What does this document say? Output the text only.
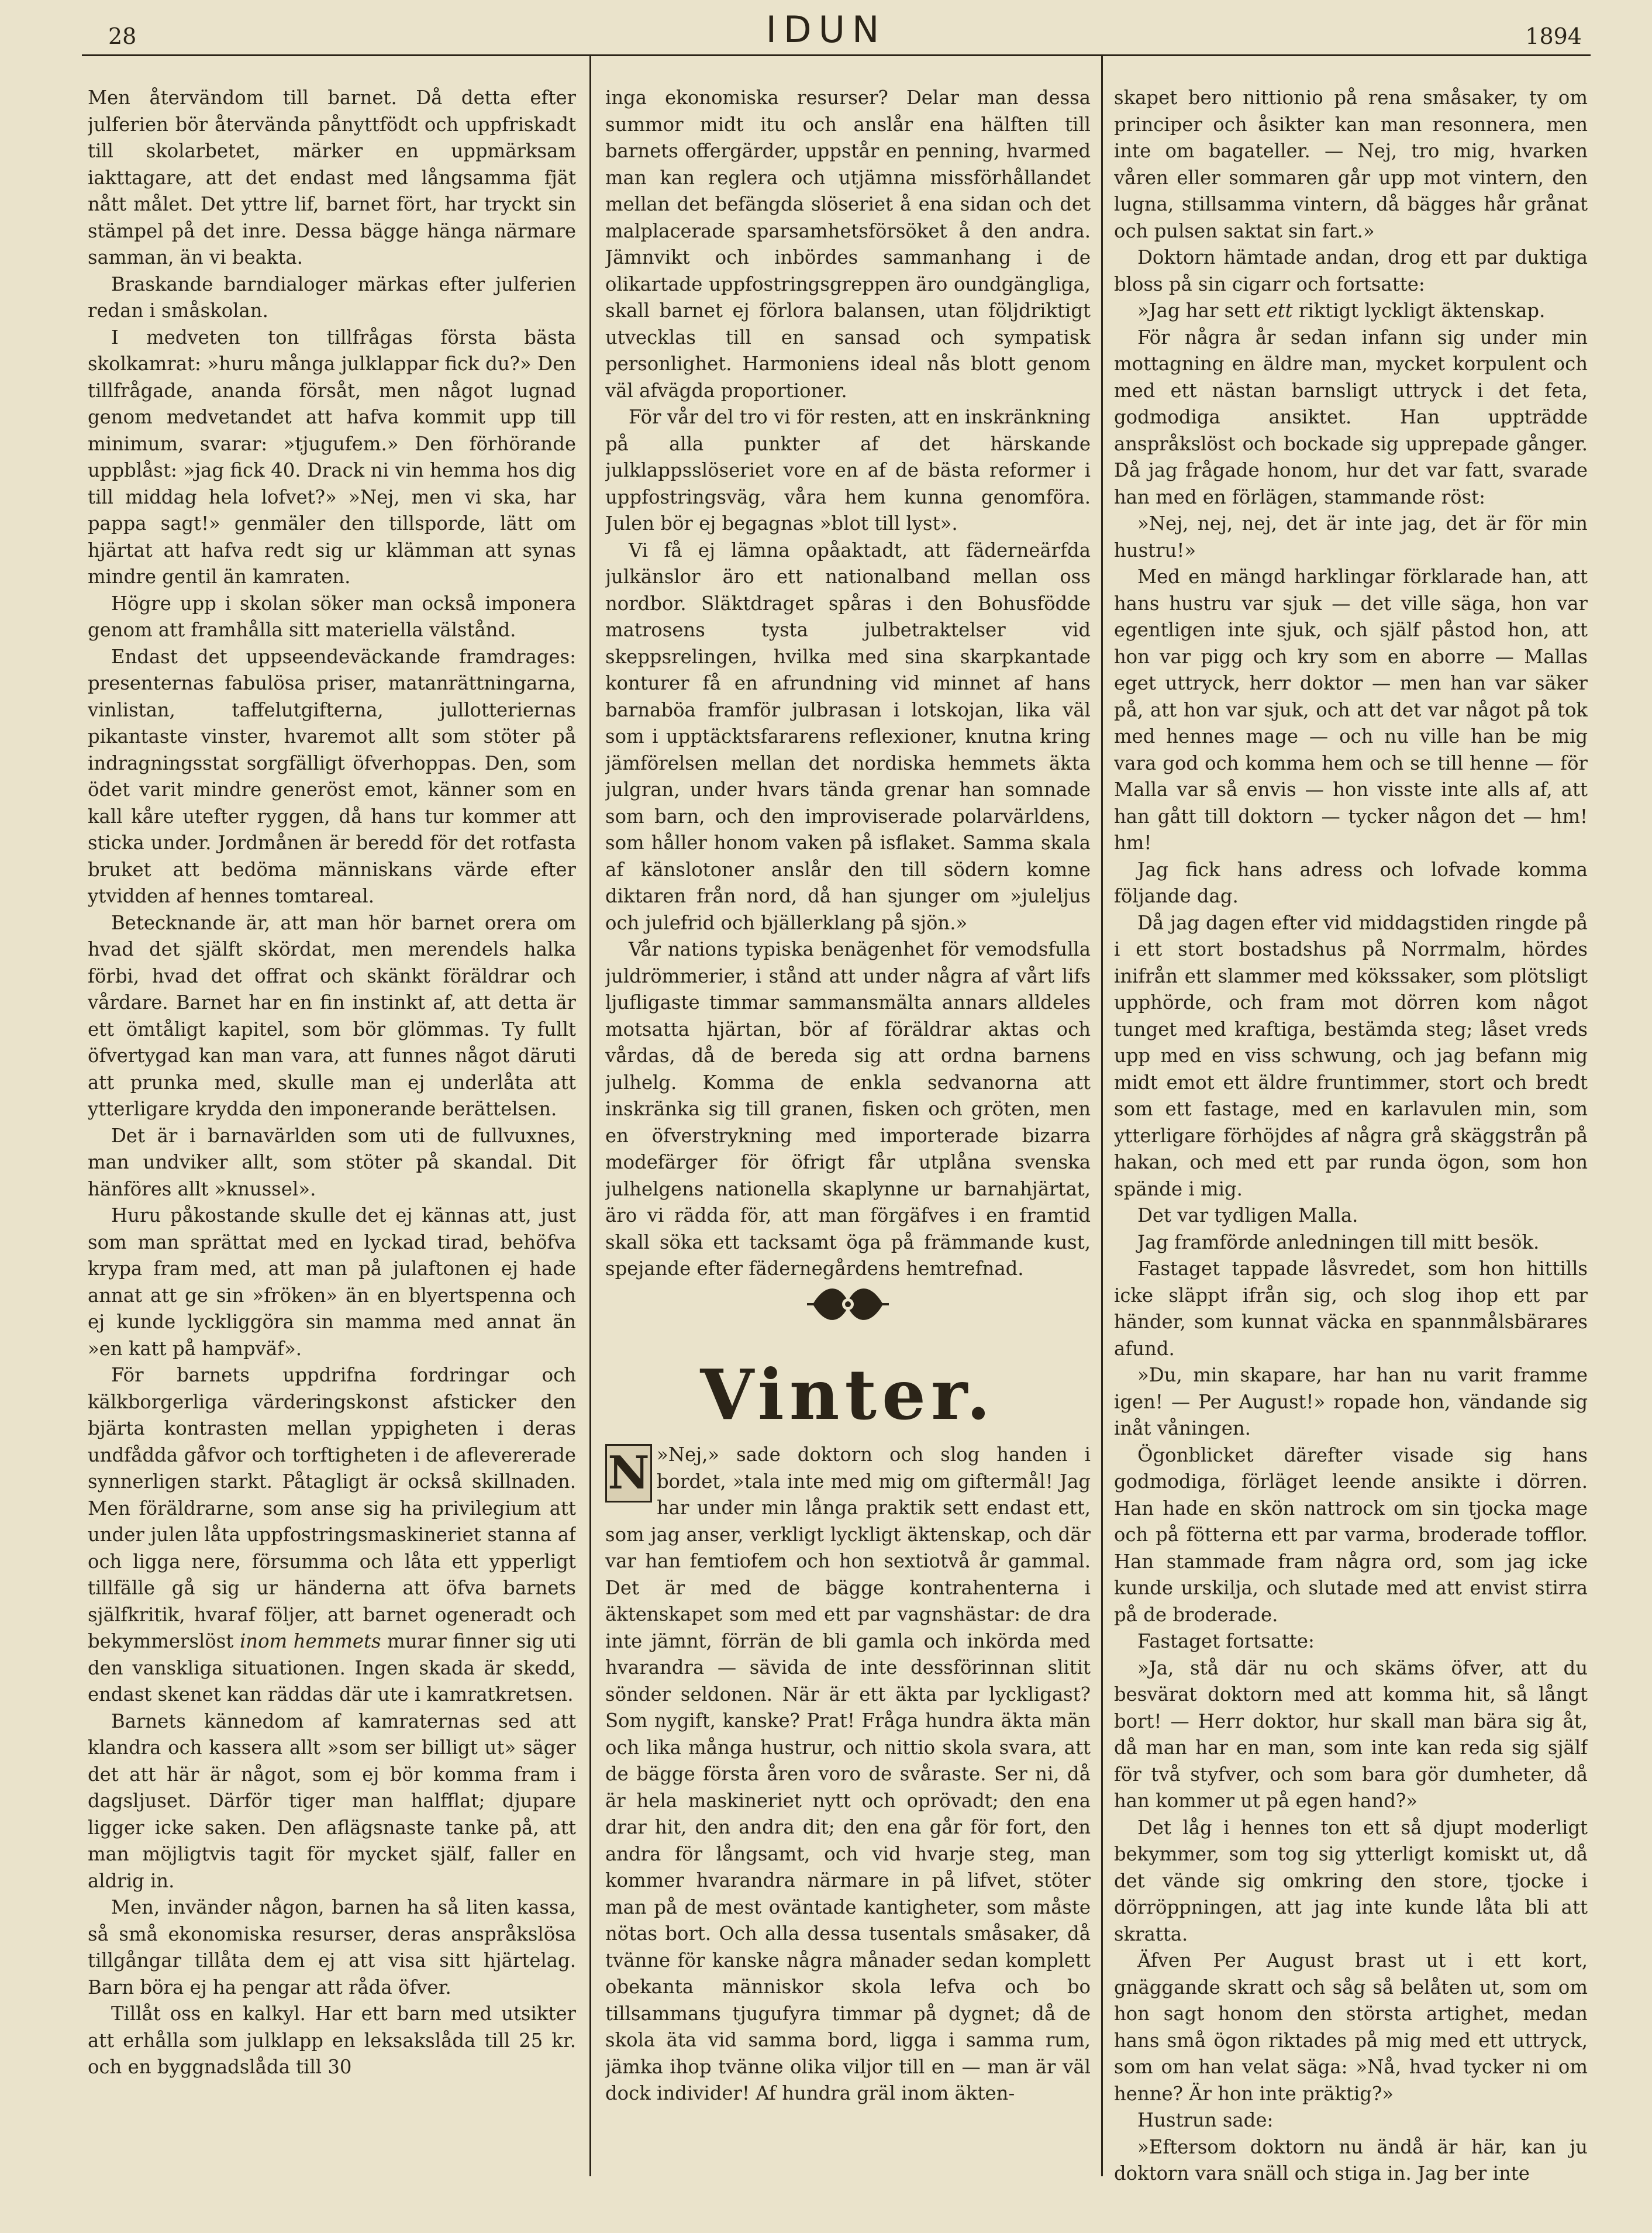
28	IDUN	1894

Men återvändom till barnet. Då detta efter julferien bör återvända pånyttfödt och uppfriskadt till skolarbetet, märker en uppmärksam iakttagare, att det endast med långsamma fjät nått målet. Det yttre lif, barnet fört, har tryckt sin stämpel på det inre. Dessa bägge hänga närmare samman, än vi beakta.

Braskande barndialoger märkas efter julferien redan i småskolan.

I medveten ton tillfrågas första bästa skolkamrat: »huru många julklappar fick du?» Den tillfrågade, ananda försåt, men något lugnad genom medvetandet att hafva kommit upp till minimum, svarar: »tjugufem.» Den förhörande uppblåst: »jag fick 40. Drack ni vin hemma hos dig till middag hela lofvet?» »Nej, men vi ska, har pappa sagt!» genmäler den tillsporde, lätt om hjärtat att hafva redt sig ur klämman att synas mindre gentil än kamraten.

Högre upp i skolan söker man också imponera genom att framhålla sitt materiella välstånd.

Endast det uppseendeväckande framdrages: presenternas fabulösa priser, matanrättningarna, vinlistan, taffelutgifterna, jullotteriernas pikantaste vinster, hvaremot allt som stöter på indragningsstat sorgfälligt öfverhoppas. Den, som ödet varit mindre generöst emot, känner som en kall kåre utefter ryggen, då hans tur kommer att sticka under. Jordmånen är beredd för det rotfasta bruket att bedöma människans värde efter ytvidden af hennes tomtareal.

Betecknande är, att man hör barnet orera om hvad det själft skördat, men merendels halka förbi, hvad det offrat och skänkt föräldrar och vårdare. Barnet har en fin instinkt af, att detta är ett ömtåligt kapitel, som bör glömmas. Ty fullt öfvertygad kan man vara, att funnes något däruti att prunka med, skulle man ej underlåta att ytterligare krydda den imponerande berättelsen.

Det är i barnavärlden som uti de fullvuxnes, man undviker allt, som stöter på skandal. Dit hänföres allt »knussel».

Huru påkostande skulle det ej kännas att, just som man sprättat med en lyckad tirad, behöfva krypa fram med, att man på julaftonen ej hade annat att ge sin »fröken» än en blyertspenna och ej kunde lyckliggöra sin mamma med annat än »en katt på hampväf».

För barnets uppdrifna fordringar och kälkborgerliga värderingskonst afsticker den bjärta kontrasten mellan yppigheten i deras undfådda gåfvor och torftigheten i de aflevererade synnerligen starkt. Påtagligt är också skillnaden. Men föräldrarne, som anse sig ha privilegium att under julen låta uppfostringsmaskineriet stanna af och ligga nere, försumma och låta ett ypperligt tillfälle gå sig ur händerna att öfva barnets själfkritik, hvaraf följer, att barnet ogeneradt och bekymmerslöst inom hemmets murar finner sig uti den vanskliga situationen. Ingen skada är skedd, endast skenet kan räddas där ute i kamratkretsen.

Barnets kännedom af kamraternas sed att klandra och kassera allt »som ser billigt ut» säger det att här är något, som ej bör komma fram i dagsljuset. Därför tiger man halfflat; djupare ligger icke saken. Den aflägsnaste tanke på, att man möjligtvis tagit för mycket själf, faller en aldrig in.

Men, invänder någon, barnen ha så liten kassa, så små ekonomiska resurser, deras anspråkslösa tillgångar tillåta dem ej att visa sitt hjärtelag. Barn böra ej ha pengar att råda öfver.

Tillåt oss en kalkyl. Har ett barn med utsikter att erhålla som julklapp en leksakslåda till 25 kr. och en byggnadslåda till 30

inga ekonomiska resurser? Delar man dessa summor midt itu och anslår ena hälften till barnets offergärder, uppstår en penning, hvarmed man kan reglera och utjämna missförhållandet mellan det befängda slöseriet å ena sidan och det malplacerade sparsamhetsförsöket å den andra. Jämnvikt och inbördes sammanhang i de olikartade uppfostringsgreppen äro oundgängliga, skall barnet ej förlora balansen, utan följdriktigt utvecklas till en sansad och sympatisk personlighet. Harmoniens ideal nås blott genom väl afvägda proportioner.

För vår del tro vi för resten, att en inskränkning på alla punkter af det härskande julklappsslöseriet vore en af de bästa reformer i uppfostringsväg, våra hem kunna genomföra. Julen bör ej begagnas »blot till lyst».

Vi få ej lämna opåaktadt, att fäderneärfda julkänslor äro ett nationalband mellan oss nordbor. Släktdraget spåras i den Bohusfödde matrosens tysta julbetraktelser vid skeppsrelingen, hvilka med sina skarpkantade konturer få en afrundning vid minnet af hans barnaböa framför julbrasan i lotskojan, lika väl som i upptäcktsfararens reflexioner, knutna kring jämförelsen mellan det nordiska hemmets äkta julgran, under hvars tända grenar han somnade som barn, och den improviserade polarvärldens, som håller honom vaken på isflaket. Samma skala af känslotoner anslår den till södern komne diktaren från nord, då han sjunger om »juleljus och julefrid och bjällerklang på sjön.»

Vår nations typiska benägenhet för vemodsfulla juldrömmerier, i stånd att under några af vårt lifs ljufligaste timmar sammansmälta annars alldeles motsatta hjärtan, bör af föräldrar aktas och vårdas, då de bereda sig att ordna barnens julhelg. Komma de enkla sedvanorna att inskränka sig till granen, fisken och gröten, men en öfverstrykning med importerade bizarra modefärger för öfrigt får utplåna svenska julhelgens nationella skaplynne ur barnahjärtat, äro vi rädda för, att man förgäfves i en framtid skall söka ett tacksamt öga på främmande kust, spejande efter fädernegårdens hemtrefnad.

Vinter.

N »Nej,» sade doktorn och slog handen i bordet, »tala inte med mig om giftermål! Jag har under min långa praktik sett endast ett, som jag anser, verkligt lyckligt äktenskap, och där var han femtiofem och hon sextiotvå år gammal. Det är med de bägge kontrahenterna i äktenskapet som med ett par vagnshästar: de dra inte jämnt, förrän de bli gamla och inkörda med hvarandra — sävida de inte dessförinnan slitit sönder seldonen. När är ett äkta par lyckligast? Som nygift, kanske? Prat! Fråga hundra äkta män och lika många hustrur, och nittio skola svara, att de bägge första åren voro de svåraste. Ser ni, då är hela maskineriet nytt och oprövadt; den ena drar hit, den andra dit; den ena går för fort, den andra för långsamt, och vid hvarje steg, man kommer hvarandra närmare in på lifvet, stöter man på de mest oväntade kantigheter, som måste nötas bort. Och alla dessa tusentals småsaker, då tvänne för kanske några månader sedan komplett obekanta människor skola lefva och bo tillsammans tjugufyra timmar på dygnet; då de skola äta vid samma bord, ligga i samma rum, jämka ihop tvänne olika viljor till en — man är väl dock individer! Af hundra gräl inom äkten-

skapet bero nittionio på rena småsaker, ty om principer och åsikter kan man resonnera, men inte om bagateller. — Nej, tro mig, hvarken våren eller sommaren går upp mot vintern, den lugna, stillsamma vintern, då bägges hår grånat och pulsen saktat sin fart.»

Doktorn hämtade andan, drog ett par duktiga bloss på sin cigarr och fortsatte:

»Jag har sett ett riktigt lyckligt äktenskap.

För några år sedan infann sig under min mottagning en äldre man, mycket korpulent och med ett nästan barnsligt uttryck i det feta, godmodiga ansiktet. Han uppträdde anspråkslöst och bockade sig upprepade gånger. Då jag frågade honom, hur det var fatt, svarade han med en förlägen, stammande röst:

»Nej, nej, nej, det är inte jag, det är för min hustru!»

Med en mängd harklingar förklarade han, att hans hustru var sjuk — det ville säga, hon var egentligen inte sjuk, och själf påstod hon, att hon var pigg och kry som en aborre — Mallas eget uttryck, herr doktor — men han var säker på, att hon var sjuk, och att det var något på tok med hennes mage — och nu ville han be mig vara god och komma hem och se till henne — för Malla var så envis — hon visste inte alls af, att han gått till doktorn — tycker någon det — hm! hm!

Jag fick hans adress och lofvade komma följande dag.

Då jag dagen efter vid middagstiden ringde på i ett stort bostadshus på Norrmalm, hördes inifrån ett slammer med kökssaker, som plötsligt upphörde, och fram mot dörren kom något tunget med kraftiga, bestämda steg; låset vreds upp med en viss schwung, och jag befann mig midt emot ett äldre fruntimmer, stort och bredt som ett fastage, med en karlavulen min, som ytterligare förhöjdes af några grå skäggstrån på hakan, och med ett par runda ögon, som hon spände i mig.

Det var tydligen Malla.

Jag framförde anledningen till mitt besök.

Fastaget tappade låsvredet, som hon hittills icke släppt ifrån sig, och slog ihop ett par händer, som kunnat väcka en spannmålsbärares afund.

»Du, min skapare, har han nu varit framme igen! — Per August!» ropade hon, vändande sig inåt våningen.

Ögonblicket därefter visade sig hans godmodiga, förläget leende ansikte i dörren. Han hade en skön nattrock om sin tjocka mage och på fötterna ett par varma, broderade tofflor. Han stammade fram några ord, som jag icke kunde urskilja, och slutade med att envist stirra på de broderade.

Fastaget fortsatte:

»Ja, stå där nu och skäms öfver, att du besvärat doktorn med att komma hit, så långt bort! — Herr doktor, hur skall man bära sig åt, då man har en man, som inte kan reda sig själf för två styfver, och som bara gör dumheter, då han kommer ut på egen hand?»

Det låg i hennes ton ett så djupt moderligt bekymmer, som tog sig ytterligt komiskt ut, då det vände sig omkring den store, tjocke i dörröppningen, att jag inte kunde låta bli att skratta.

Äfven Per August brast ut i ett kort, gnäggande skratt och såg så belåten ut, som om hon sagt honom den största artighet, medan hans små ögon riktades på mig med ett uttryck, som om han velat säga: »Nå, hvad tycker ni om henne? Är hon inte präktig?»

Hustrun sade:

»Eftersom doktorn nu ändå är här, kan ju doktorn vara snäll och stiga in. Jag ber inte
